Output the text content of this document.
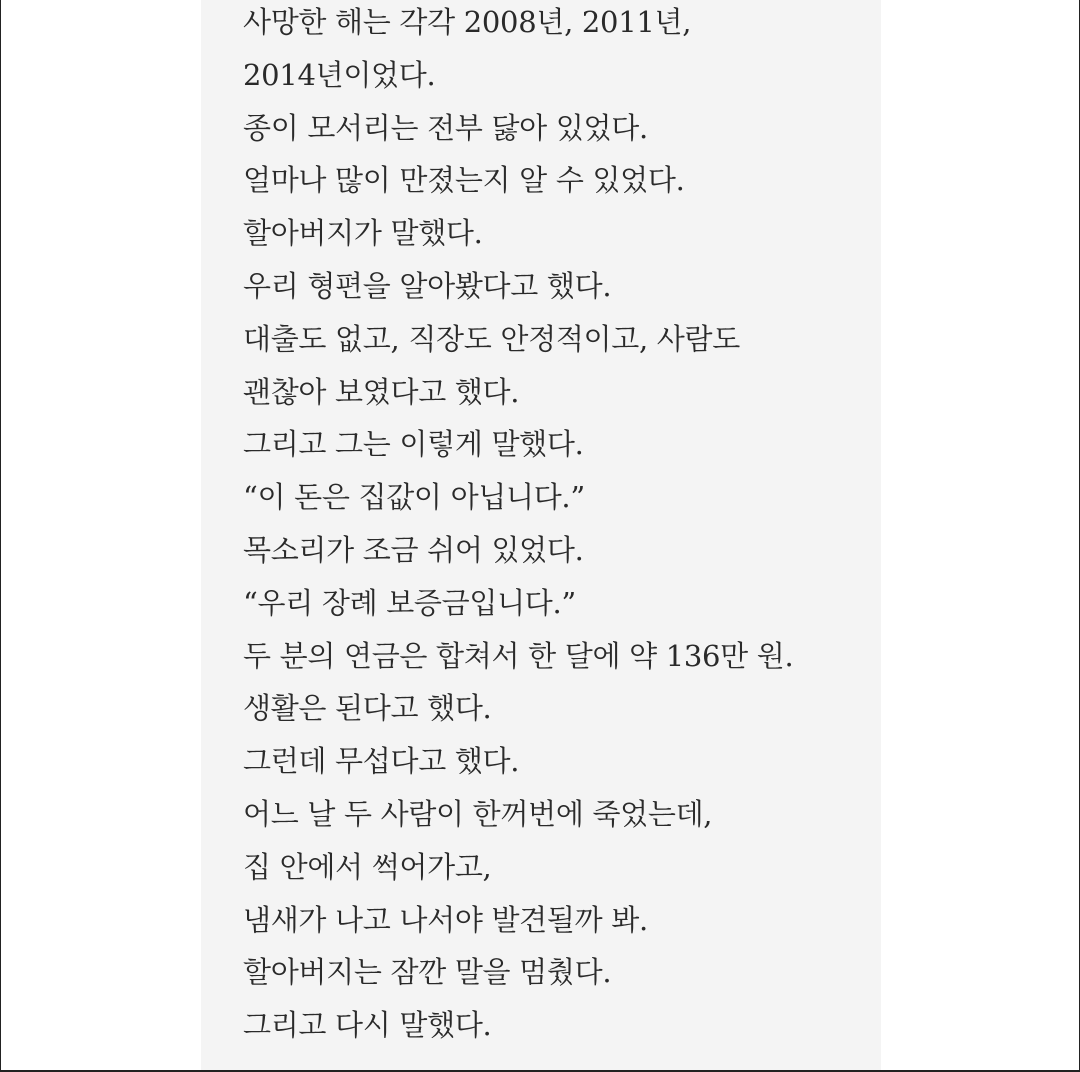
사망한 해는 각각 2008년, 2011년,
2014년이었다.
종이 모서리는 전부 닳아 있었다.
얼마나 많이 만졌는지 알 수 있었다.
할아버지가 말했다.
우리 형편을 알아봤다고 했다.
대출도 없고, 직장도 안정적이고, 사람도
괜찮아 보였다고 했다.
그리고 그는 이렇게 말했다.
“이 돈은 집값이 아닙니다.”
목소리가 조금 쉬어 있었다.
“우리 장례 보증금입니다.”
두 분의 연금은 합쳐서 한 달에 약 136만 원.
생활은 된다고 했다.
그런데 무섭다고 했다.
어느 날 두 사람이 한꺼번에 죽었는데,
집 안에서 썩어가고,
냄새가 나고 나서야 발견될까 봐.
할아버지는 잠깐 말을 멈췄다.
그리고 다시 말했다.
